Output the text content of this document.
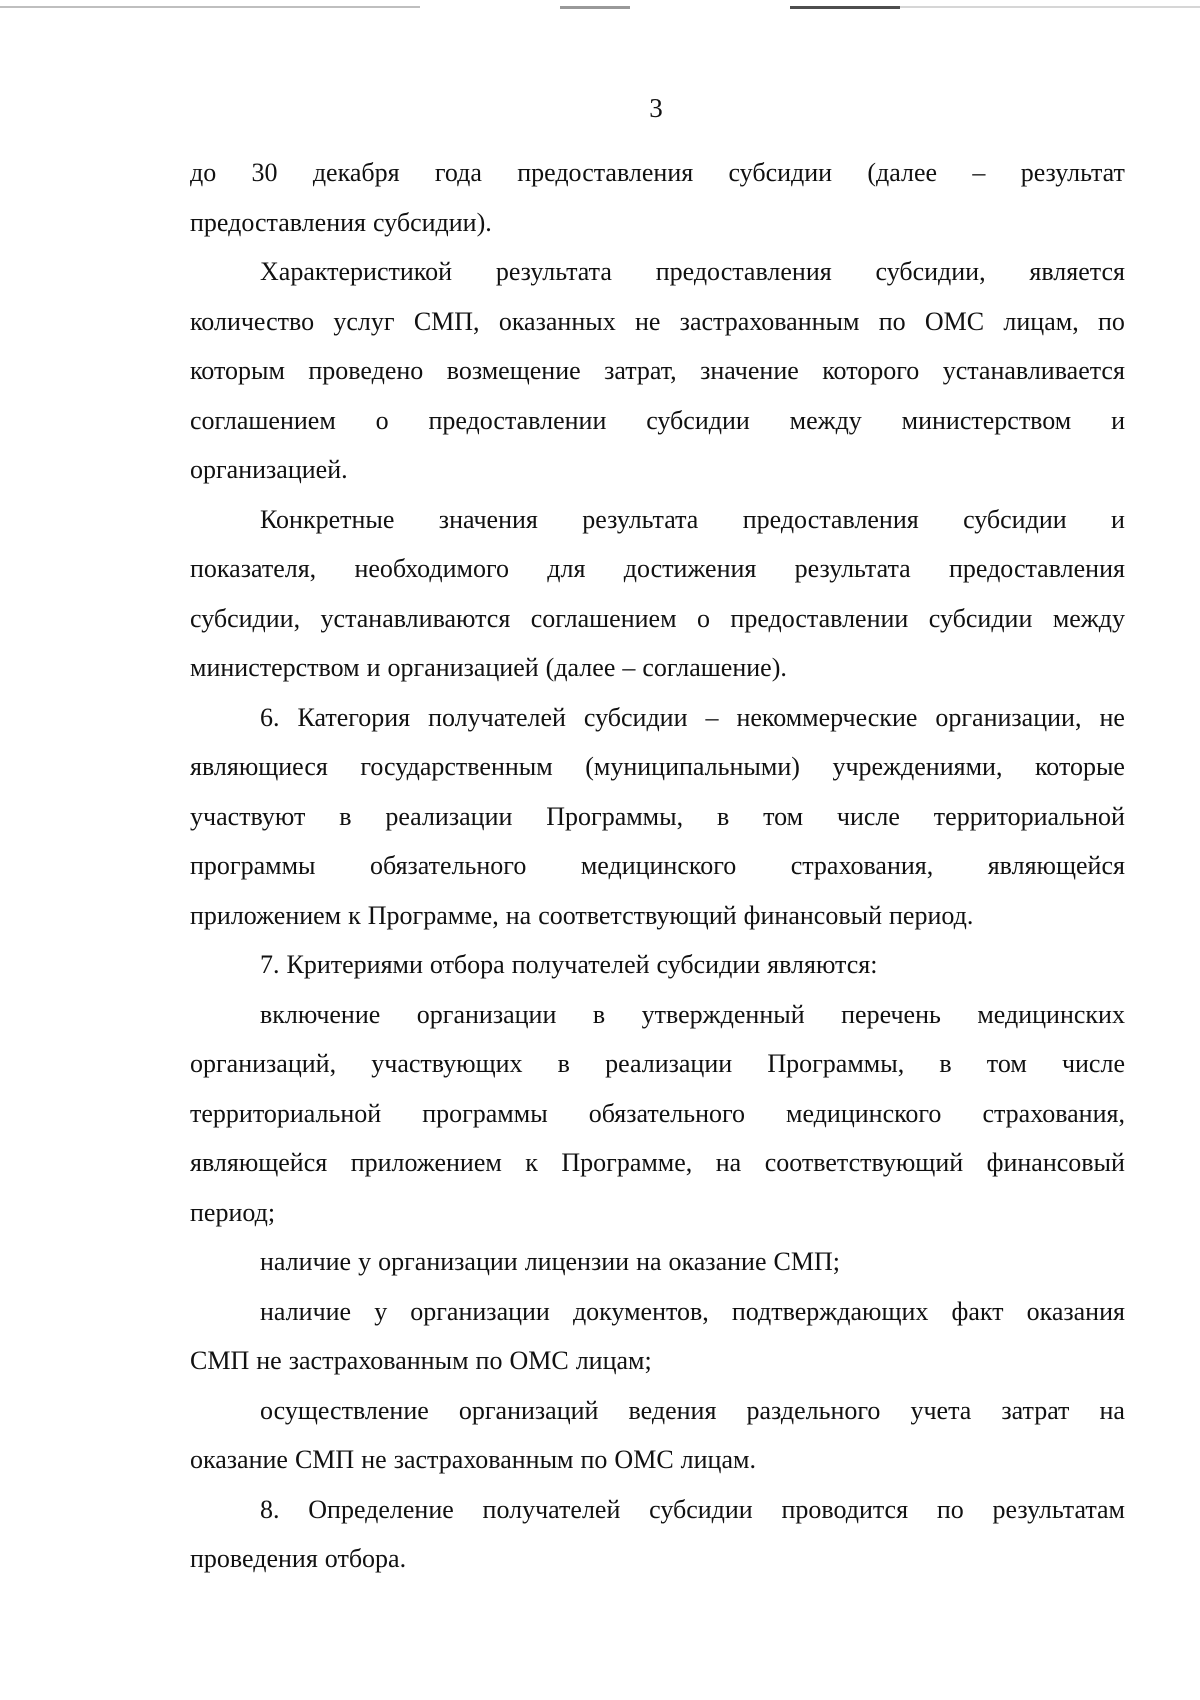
3
до 30 декабря года предоставления субсидии (далее – результат
предоставления субсидии).
Характеристикой результата предоставления субсидии, является
количество услуг СМП, оказанных не застрахованным по ОМС лицам, по
которым проведено возмещение затрат, значение которого устанавливается
соглашением о предоставлении субсидии между министерством и
организацией.
Конкретные значения результата предоставления субсидии и
показателя, необходимого для достижения результата предоставления
субсидии, устанавливаются соглашением о предоставлении субсидии между
министерством и организацией (далее – соглашение).
6. Категория получателей субсидии – некоммерческие организации, не
являющиеся государственным (муниципальными) учреждениями, которые
участвуют в реализации Программы, в том числе территориальной
программы обязательного медицинского страхования, являющейся
приложением к Программе, на соответствующий финансовый период.
7. Критериями отбора получателей субсидии являются:
включение организации в утвержденный перечень медицинских
организаций, участвующих в реализации Программы, в том числе
территориальной программы обязательного медицинского страхования,
являющейся приложением к Программе, на соответствующий финансовый
период;
наличие у организации лицензии на оказание СМП;
наличие у организации документов, подтверждающих факт оказания
СМП не застрахованным по ОМС лицам;
осуществление организаций ведения раздельного учета затрат на
оказание СМП не застрахованным по ОМС лицам.
8. Определение получателей субсидии проводится по результатам
проведения отбора.
